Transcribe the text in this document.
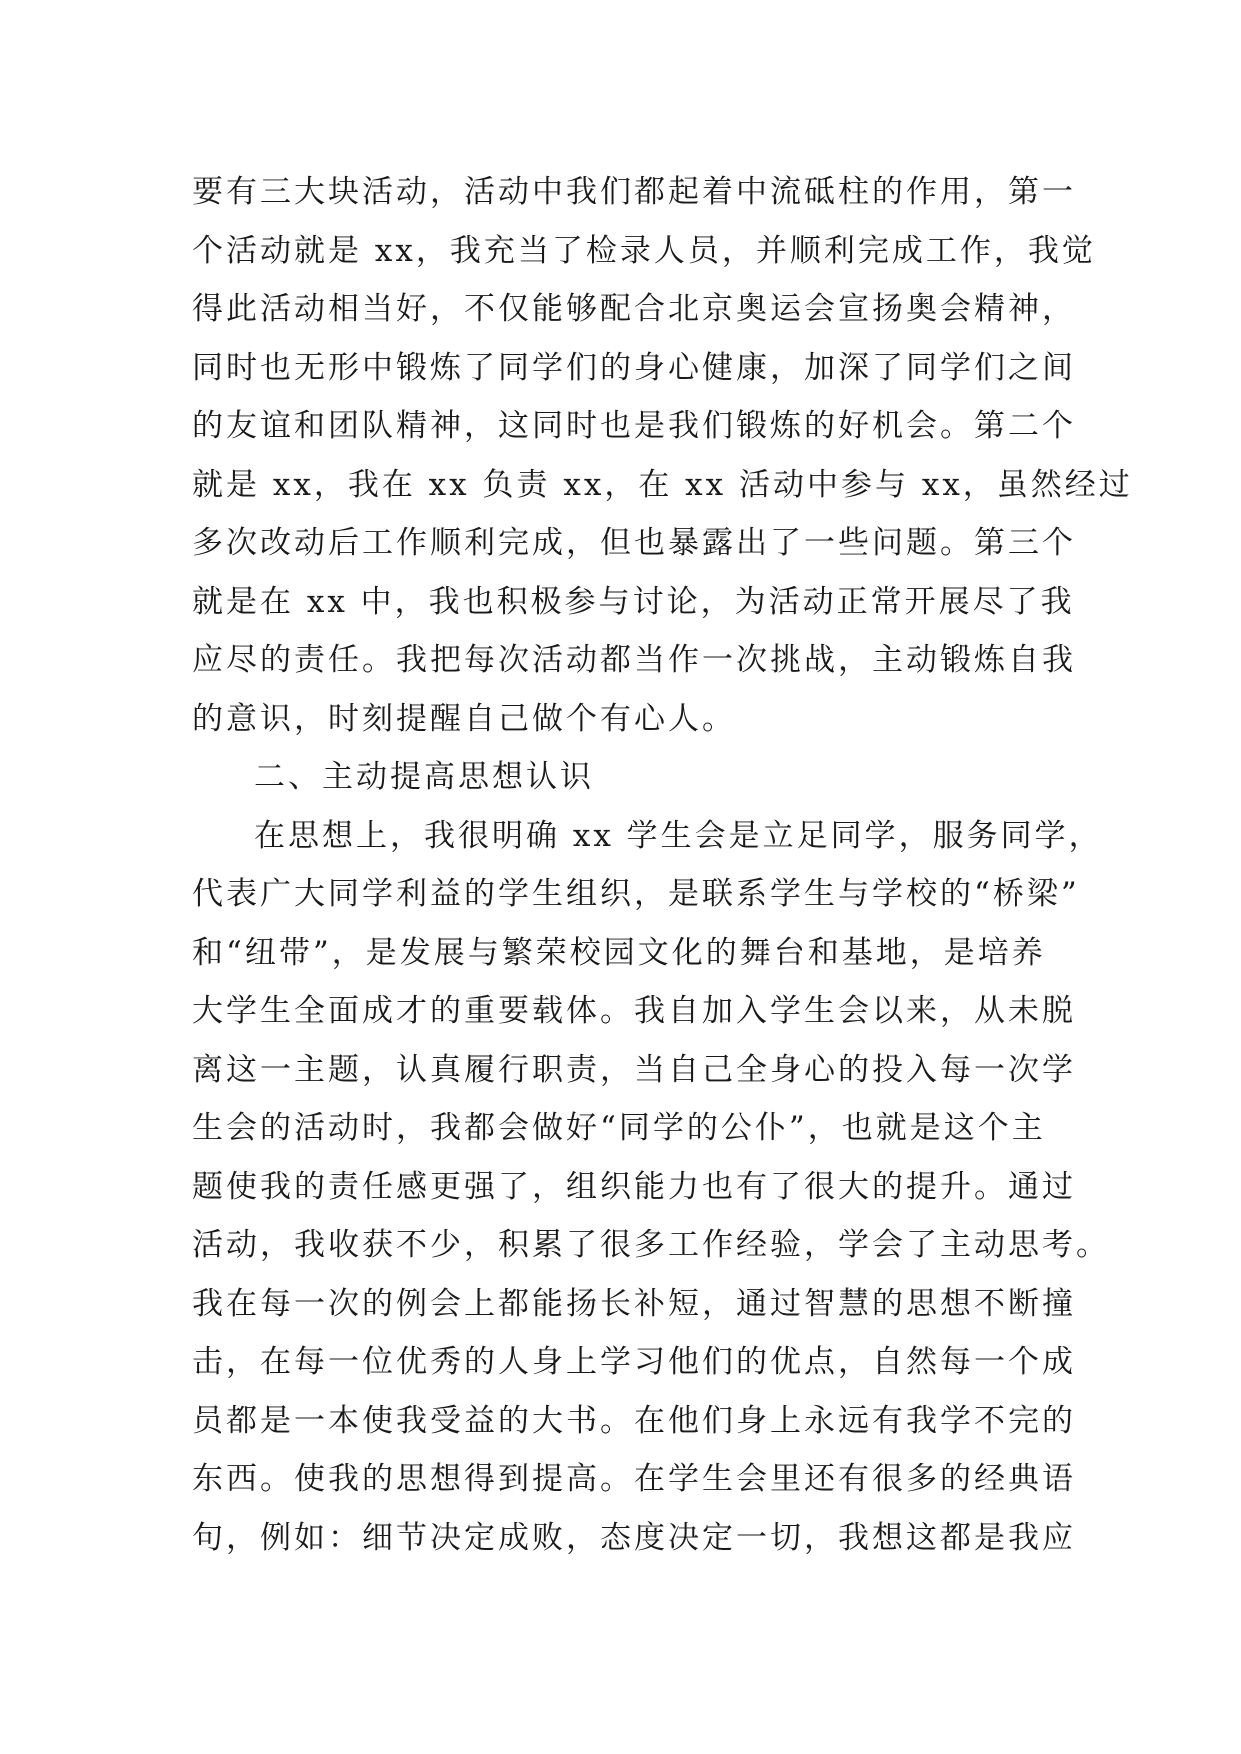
要有三大块活动，活动中我们都起着中流砥柱的作用，第一
个活动就是 xx，我充当了检录人员，并顺利完成工作，我觉
得此活动相当好，不仅能够配合北京奥运会宣扬奥会精神，
同时也无形中锻炼了同学们的身心健康，加深了同学们之间
的友谊和团队精神，这同时也是我们锻炼的好机会。第二个
就是 xx，我在 xx 负责 xx，在 xx 活动中参与 xx，虽然经过
多次改动后工作顺利完成，但也暴露出了一些问题。第三个
就是在 xx 中，我也积极参与讨论，为活动正常开展尽了我
应尽的责任。我把每次活动都当作一次挑战，主动锻炼自我
的意识，时刻提醒自己做个有心人。
二、主动提高思想认识
在思想上，我很明确 xx 学生会是立足同学，服务同学，
代表广大同学利益的学生组织，是联系学生与学校的“桥梁”
和“纽带”，是发展与繁荣校园文化的舞台和基地，是培养
大学生全面成才的重要载体。我自加入学生会以来，从未脱
离这一主题，认真履行职责，当自己全身心的投入每一次学
生会的活动时，我都会做好“同学的公仆”，也就是这个主
题使我的责任感更强了，组织能力也有了很大的提升。通过
活动，我收获不少，积累了很多工作经验，学会了主动思考。
我在每一次的例会上都能扬长补短，通过智慧的思想不断撞
击，在每一位优秀的人身上学习他们的优点，自然每一个成
员都是一本使我受益的大书。在他们身上永远有我学不完的
东西。使我的思想得到提高。在学生会里还有很多的经典语
句，例如：细节决定成败，态度决定一切，我想这都是我应
